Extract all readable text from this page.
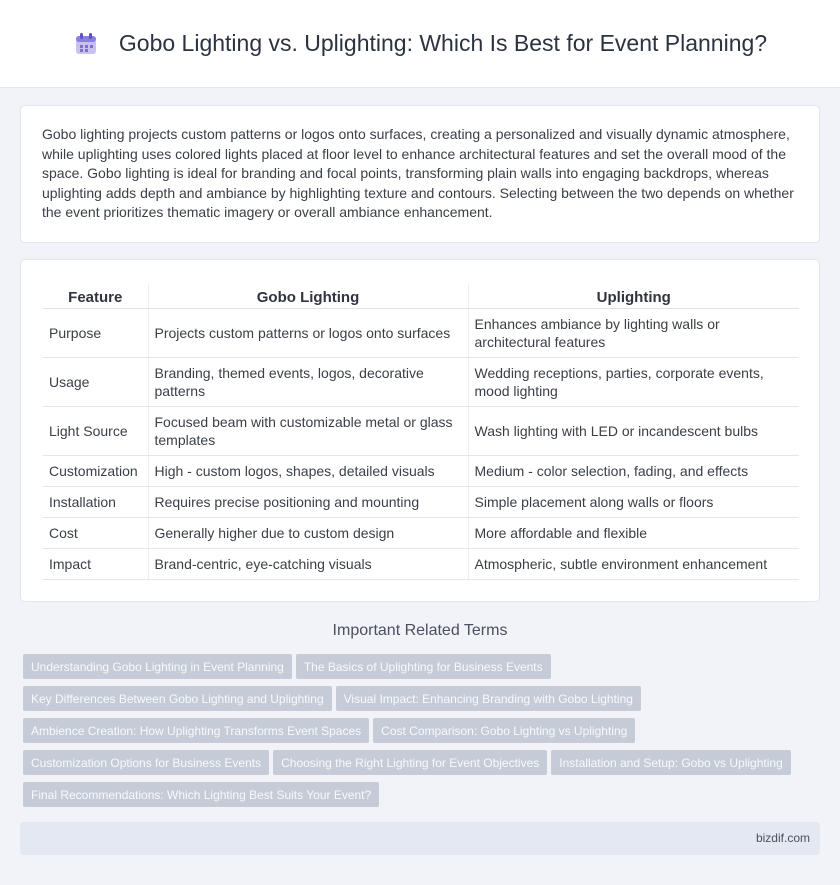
Gobo Lighting vs. Uplighting: Which Is Best for Event Planning?

Gobo lighting projects custom patterns or logos onto surfaces, creating a personalized and visually dynamic atmosphere, while uplighting uses colored lights placed at floor level to enhance architectural features and set the overall mood of the space. Gobo lighting is ideal for branding and focal points, transforming plain walls into engaging backdrops, whereas uplighting adds depth and ambiance by highlighting texture and contours. Selecting between the two depends on whether the event prioritizes thematic imagery or overall ambiance enhancement.

Feature	Gobo Lighting	Uplighting
Purpose	Projects custom patterns or logos onto surfaces	Enhances ambiance by lighting walls or architectural features
Usage	Branding, themed events, logos, decorative patterns	Wedding receptions, parties, corporate events, mood lighting
Light Source	Focused beam with customizable metal or glass templates	Wash lighting with LED or incandescent bulbs
Customization	High - custom logos, shapes, detailed visuals	Medium - color selection, fading, and effects
Installation	Requires precise positioning and mounting	Simple placement along walls or floors
Cost	Generally higher due to custom design	More affordable and flexible
Impact	Brand-centric, eye-catching visuals	Atmospheric, subtle environment enhancement
Important Related Terms
Understanding Gobo Lighting in Event Planning The Basics of Uplighting for Business Events
Key Differences Between Gobo Lighting and Uplighting Visual Impact: Enhancing Branding with Gobo Lighting
Ambience Creation: How Uplighting Transforms Event Spaces Cost Comparison: Gobo Lighting vs Uplighting
Customization Options for Business Events Choosing the Right Lighting for Event Objectives Installation and Setup: Gobo vs Uplighting
Final Recommendations: Which Lighting Best Suits Your Event?
bizdif.com
